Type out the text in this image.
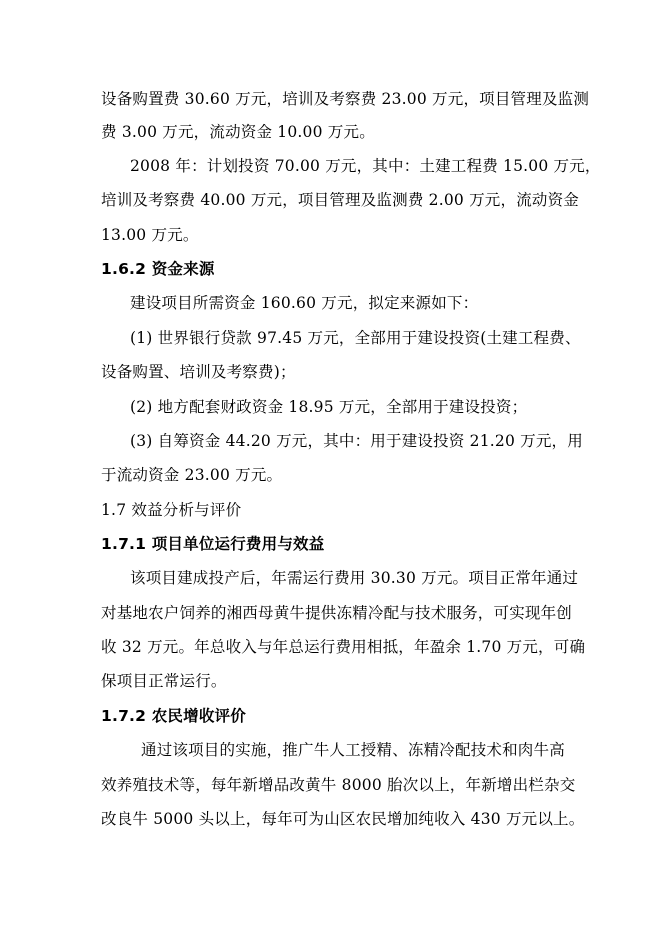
设备购置费 30.60 万元，培训及考察费 23.00 万元，项目管理及监测
费 3.00 万元，流动资金 10.00 万元。
2008 年：计划投资 70.00 万元，其中：土建工程费 15.00 万元，
培训及考察费 40.00 万元，项目管理及监测费 2.00 万元，流动资金
13.00 万元。
1.6.2 资金来源
建设项目所需资金 160.60 万元，拟定来源如下：
(1) 世界银行贷款 97.45 万元，全部用于建设投资(土建工程费、
设备购置、培训及考察费)；
(2) 地方配套财政资金 18.95 万元，全部用于建设投资；
(3) 自筹资金 44.20 万元，其中：用于建设投资 21.20 万元，用
于流动资金 23.00 万元。
1.7 效益分析与评价
1.7.1 项目单位运行费用与效益
该项目建成投产后，年需运行费用 30.30 万元。项目正常年通过
对基地农户饲养的湘西母黄牛提供冻精冷配与技术服务，可实现年创
收 32 万元。年总收入与年总运行费用相抵，年盈余 1.70 万元，可确
保项目正常运行。
1.7.2 农民增收评价
通过该项目的实施，推广牛人工授精、冻精冷配技术和肉牛高
效养殖技术等，每年新增品改黄牛 8000 胎次以上，年新增出栏杂交
改良牛 5000 头以上，每年可为山区农民增加纯收入 430 万元以上。
